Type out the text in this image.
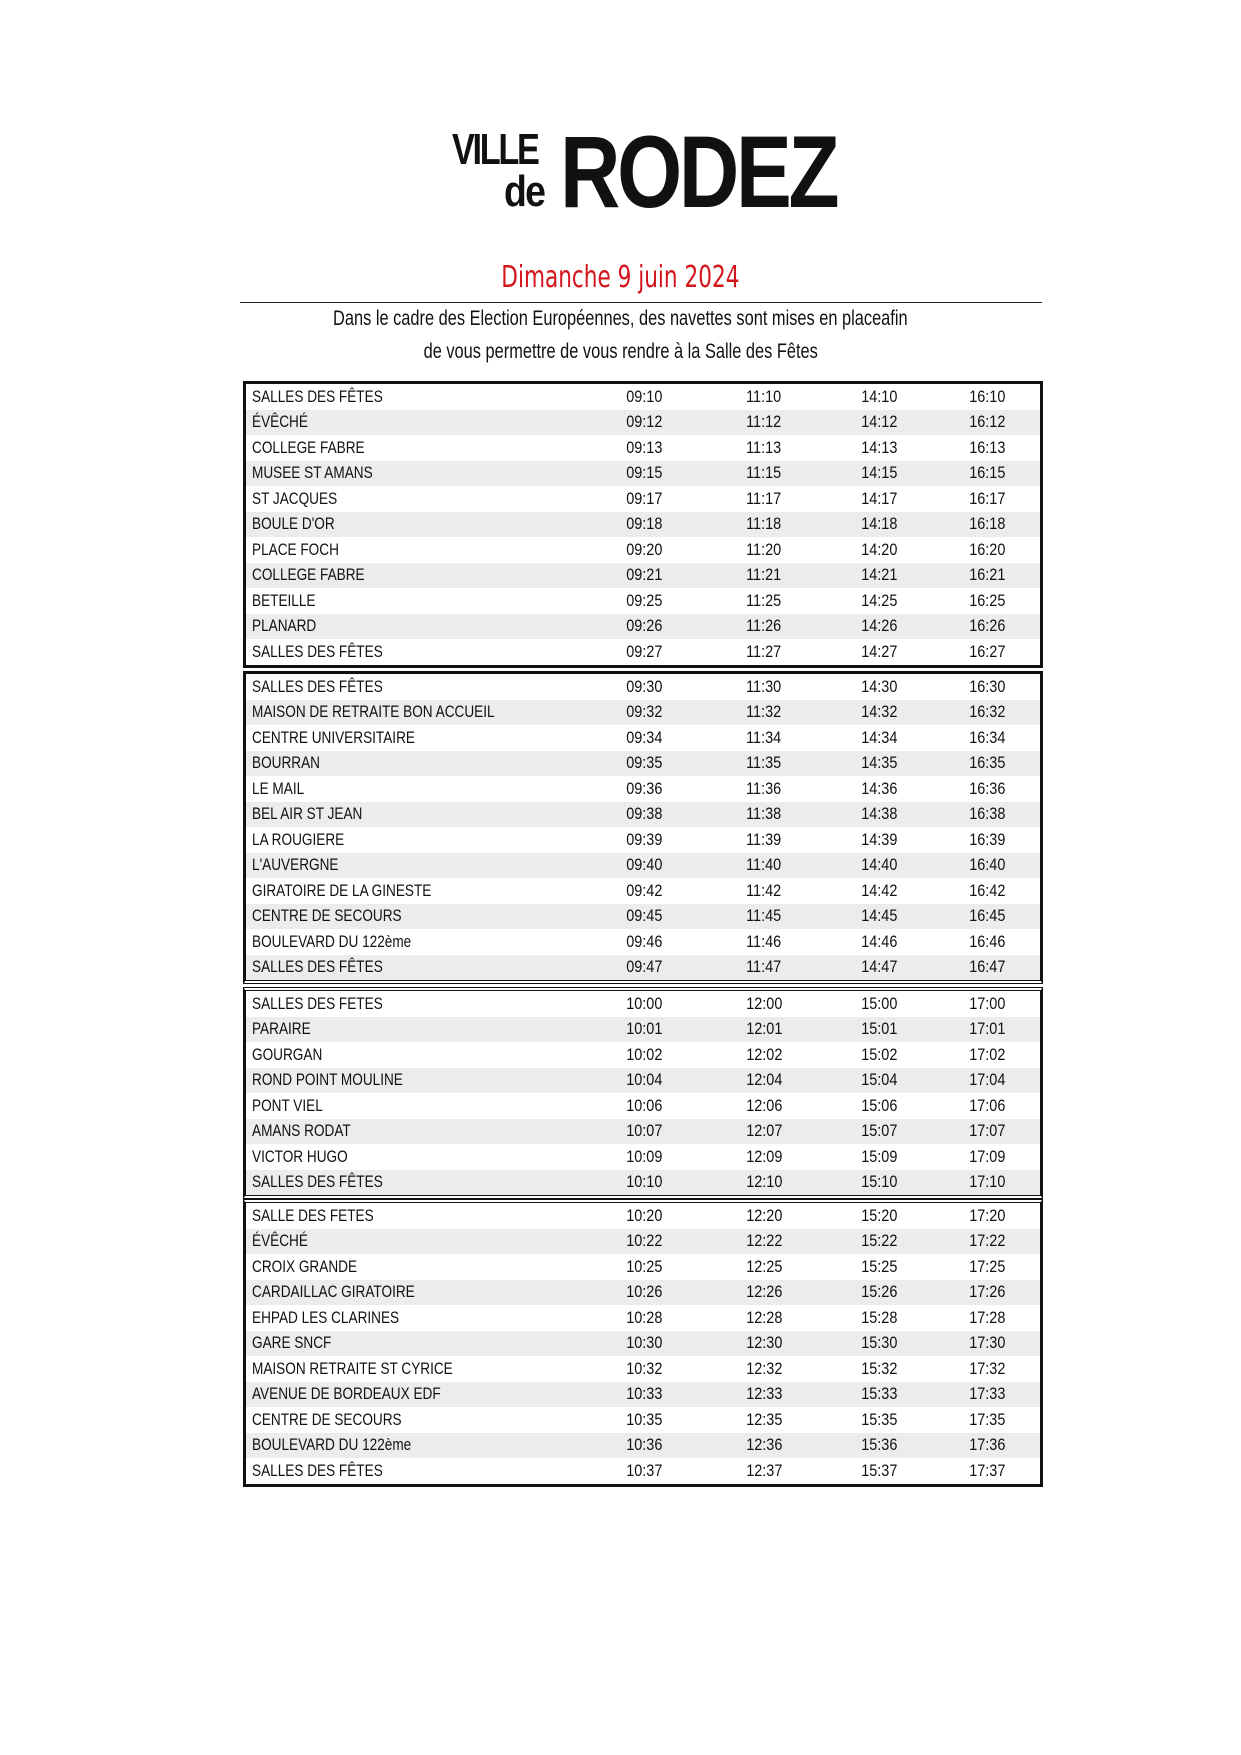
VILLE
de RODEZ
Dimanche 9 juin 2024
Dans le cadre des Election Européennes, des navettes sont mises en placeafin
de vous permettre de vous rendre à la Salle des Fêtes
SALLES DES FÊTES	09:10	11:10	14:10	16:10
ÉVÊCHÉ	09:12	11:12	14:12	16:12
COLLEGE FABRE	09:13	11:13	14:13	16:13
MUSEE ST AMANS	09:15	11:15	14:15	16:15
ST JACQUES	09:17	11:17	14:17	16:17
BOULE D'OR	09:18	11:18	14:18	16:18
PLACE FOCH	09:20	11:20	14:20	16:20
COLLEGE FABRE	09:21	11:21	14:21	16:21
BETEILLE	09:25	11:25	14:25	16:25
PLANARD	09:26	11:26	14:26	16:26
SALLES DES FÊTES	09:27	11:27	14:27	16:27
SALLES DES FÊTES	09:30	11:30	14:30	16:30
MAISON DE RETRAITE BON ACCUEIL	09:32	11:32	14:32	16:32
CENTRE UNIVERSITAIRE	09:34	11:34	14:34	16:34
BOURRAN	09:35	11:35	14:35	16:35
LE MAIL	09:36	11:36	14:36	16:36
BEL AIR ST JEAN	09:38	11:38	14:38	16:38
LA ROUGIERE	09:39	11:39	14:39	16:39
L'AUVERGNE	09:40	11:40	14:40	16:40
GIRATOIRE DE LA GINESTE	09:42	11:42	14:42	16:42
CENTRE DE SECOURS	09:45	11:45	14:45	16:45
BOULEVARD DU 122ème	09:46	11:46	14:46	16:46
SALLES DES FÊTES	09:47	11:47	14:47	16:47
SALLES DES FETES	10:00	12:00	15:00	17:00
PARAIRE	10:01	12:01	15:01	17:01
GOURGAN	10:02	12:02	15:02	17:02
ROND POINT MOULINE	10:04	12:04	15:04	17:04
PONT VIEL	10:06	12:06	15:06	17:06
AMANS RODAT	10:07	12:07	15:07	17:07
VICTOR HUGO	10:09	12:09	15:09	17:09
SALLES DES FÊTES	10:10	12:10	15:10	17:10
SALLE DES FETES	10:20	12:20	15:20	17:20
ÉVÊCHÉ	10:22	12:22	15:22	17:22
CROIX GRANDE	10:25	12:25	15:25	17:25
CARDAILLAC GIRATOIRE	10:26	12:26	15:26	17:26
EHPAD LES CLARINES	10:28	12:28	15:28	17:28
GARE SNCF	10:30	12:30	15:30	17:30
MAISON RETRAITE ST CYRICE	10:32	12:32	15:32	17:32
AVENUE DE BORDEAUX EDF	10:33	12:33	15:33	17:33
CENTRE DE SECOURS	10:35	12:35	15:35	17:35
BOULEVARD DU 122ème	10:36	12:36	15:36	17:36
SALLES DES FÊTES	10:37	12:37	15:37	17:37
